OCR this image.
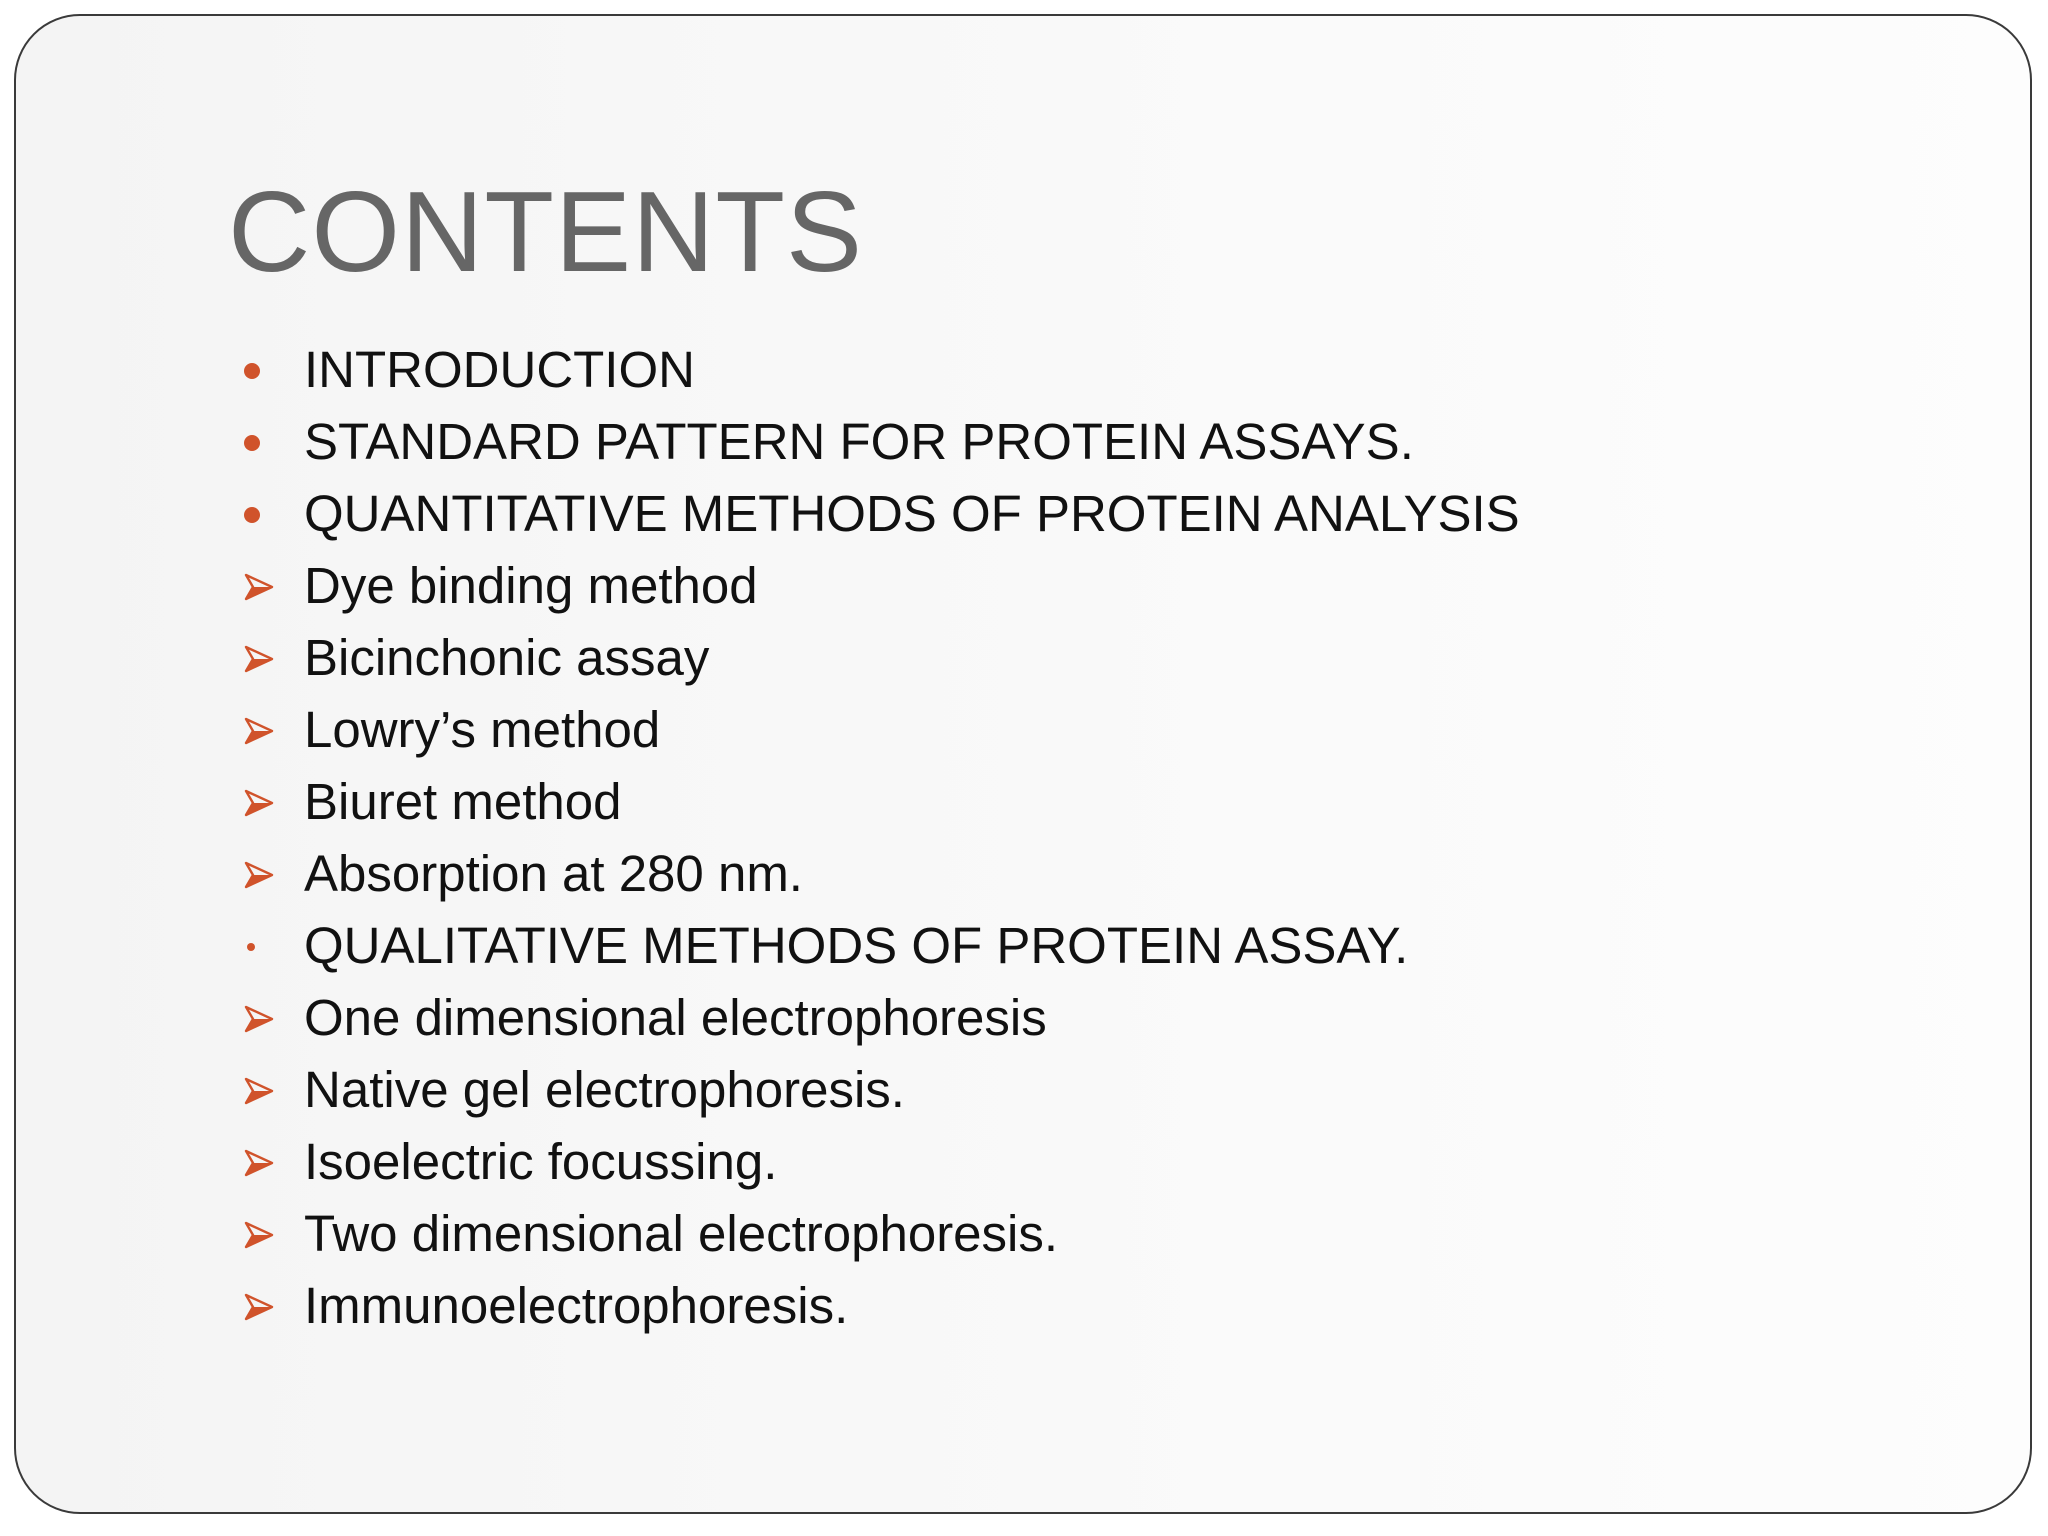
CONTENTS
INTRODUCTION
STANDARD PATTERN FOR PROTEIN ASSAYS.
QUANTITATIVE METHODS OF PROTEIN ANALYSIS
Dye binding method
Bicinchonic assay
Lowry’s method
Biuret method
Absorption at 280 nm.
QUALITATIVE METHODS OF PROTEIN ASSAY.
One dimensional electrophoresis
Native gel electrophoresis.
Isoelectric focussing.
Two dimensional electrophoresis.
Immunoelectrophoresis.
